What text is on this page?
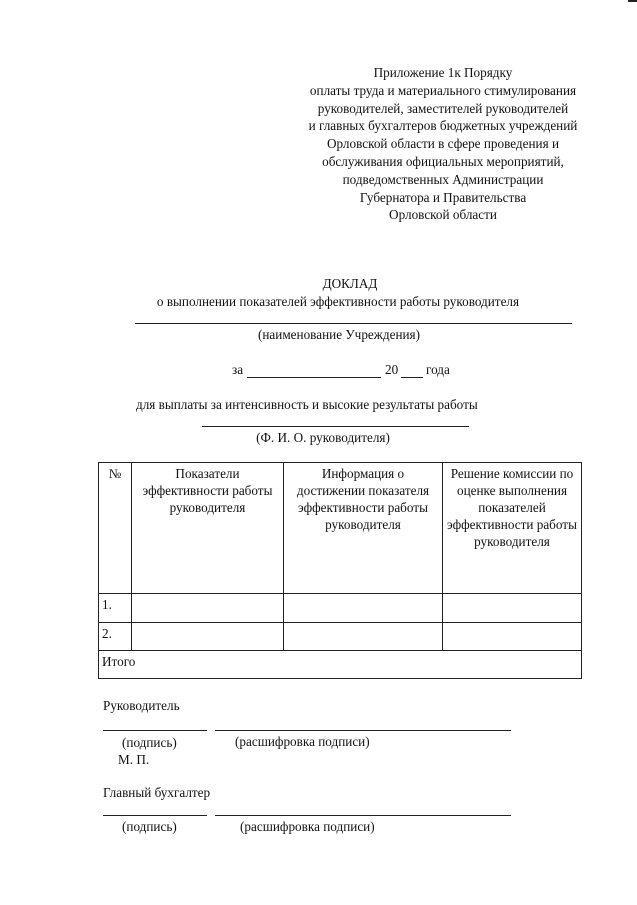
Приложение 1к Порядку
оплаты труда и материального стимулирования
руководителей, заместителей руководителей
и главных бухгалтеров бюджетных учреждений
Орловской области в сфере проведения и
обслуживания официальных мероприятий,
подведомственных Администрации
Губернатора и Правительства
Орловской области
ДОКЛАД
о выполнении показателей эффективности работы руководителя
(наименование Учреждения)
за	20 года
для выплаты за интенсивность и высокие результаты работы
(Ф. И. О. руководителя)
№	Показатели эффективности работы руководителя	Информация о достижении показателя эффективности работы руководителя	Решение комиссии по оценке выполнения показателей эффективности работы руководителя
1.			
2.			
Итого			
Руководитель
(подпись)	(расшифровка подписи)
М. П.
Главный бухгалтер
(подпись)	(расшифровка подписи)
